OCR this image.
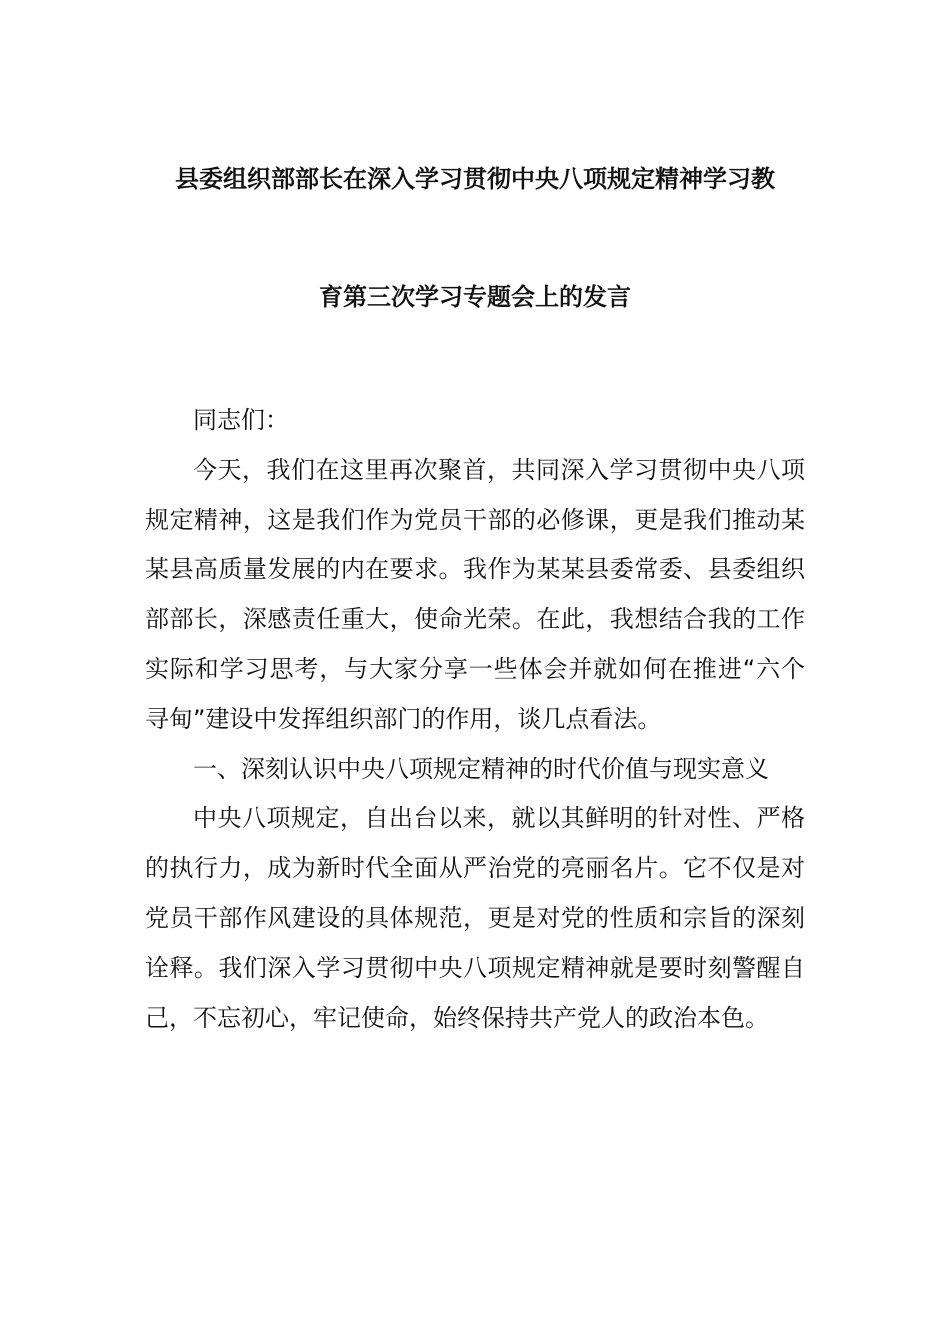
县委组织部部长在深入学习贯彻中央八项规定精神学习教
育第三次学习专题会上的发言

同志们：

今天，我们在这里再次聚首，共同深入学习贯彻中央八项规定精神，这是我们作为党员干部的必修课，更是我们推动某某县高质量发展的内在要求。我作为某某县委常委、县委组织部部长，深感责任重大，使命光荣。在此，我想结合我的工作实际和学习思考，与大家分享一些体会并就如何在推进“六个寻甸”建设中发挥组织部门的作用，谈几点看法。

一、深刻认识中央八项规定精神的时代价值与现实意义

中央八项规定，自出台以来，就以其鲜明的针对性、严格的执行力，成为新时代全面从严治党的亮丽名片。它不仅是对党员干部作风建设的具体规范，更是对党的性质和宗旨的深刻诠释。我们深入学习贯彻中央八项规定精神就是要时刻警醒自己，不忘初心，牢记使命，始终保持共产党人的政治本色。
